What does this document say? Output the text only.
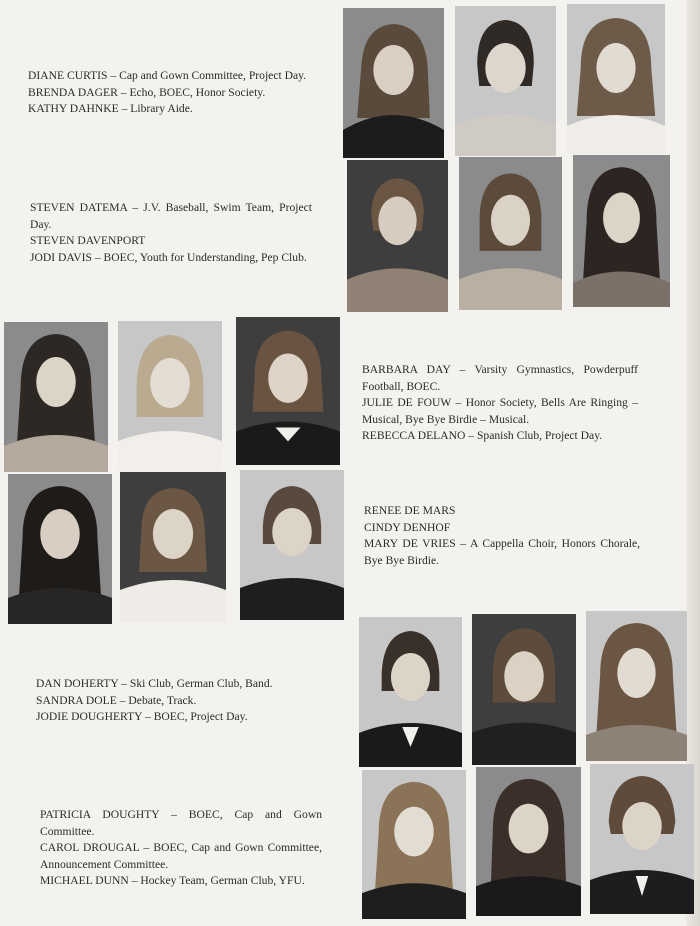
DIANE CURTIS – Cap and Gown Committee, Project Day.

BRENDA DAGER – Echo, BOEC, Honor Society.

KATHY DAHNKE – Library Aide.

STEVEN DATEMA – J.V. Baseball, Swim Team, Project Day.

STEVEN DAVENPORT

JODI DAVIS – BOEC, Youth for Understanding, Pep Club.

BARBARA DAY – Varsity Gymnastics, Powderpuff Football, BOEC.

JULIE DE FOUW – Honor Society, Bells Are Ringing – Musical, Bye Bye Birdie – Musical.

REBECCA DELANO – Spanish Club, Project Day.

RENEE DE MARS

CINDY DENHOF

MARY DE VRIES – A Cappella Choir, Honors Chorale, Bye Bye Birdie.

DAN DOHERTY – Ski Club, German Club, Band.

SANDRA DOLE – Debate, Track.

JODIE DOUGHERTY – BOEC, Project Day.

PATRICIA DOUGHTY – BOEC, Cap and Gown Committee.

CAROL DROUGAL – BOEC, Cap and Gown Committee, Announcement Committee.

MICHAEL DUNN – Hockey Team, German Club, YFU.
